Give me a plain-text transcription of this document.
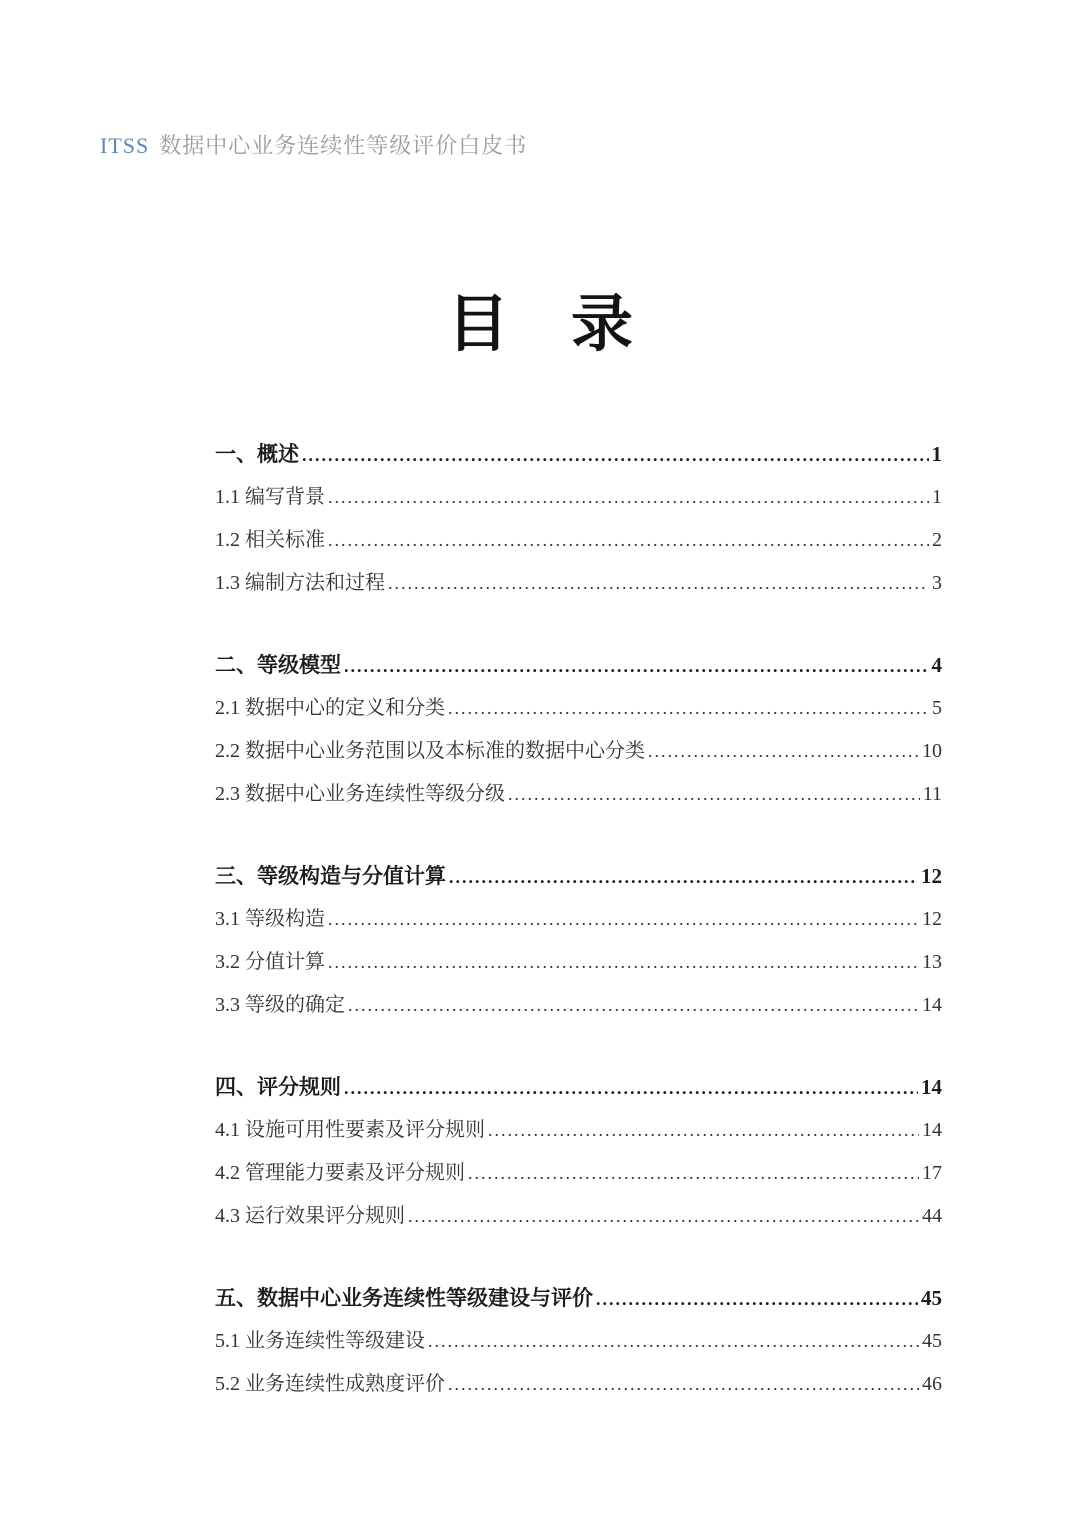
ITSS 数据中心业务连续性等级评价白皮书
目　录
一、概述 .....	1
1.1 编写背景 .....	1
1.2 相关标准 .....	2
1.3 编制方法和过程 .....	3
二、等级模型 .....	4
2.1 数据中心的定义和分类 .....	5
2.2 数据中心业务范围以及本标准的数据中心分类 .....	10
2.3 数据中心业务连续性等级分级 .....	11
三、等级构造与分值计算 .....	12
3.1 等级构造 .....	12
3.2 分值计算 .....	13
3.3 等级的确定 .....	14
四、评分规则 .....	14
4.1 设施可用性要素及评分规则 .....	14
4.2 管理能力要素及评分规则 .....	17
4.3 运行效果评分规则 .....	44
五、数据中心业务连续性等级建设与评价 .....	45
5.1 业务连续性等级建设 .....	45
5.2 业务连续性成熟度评价 .....	46
